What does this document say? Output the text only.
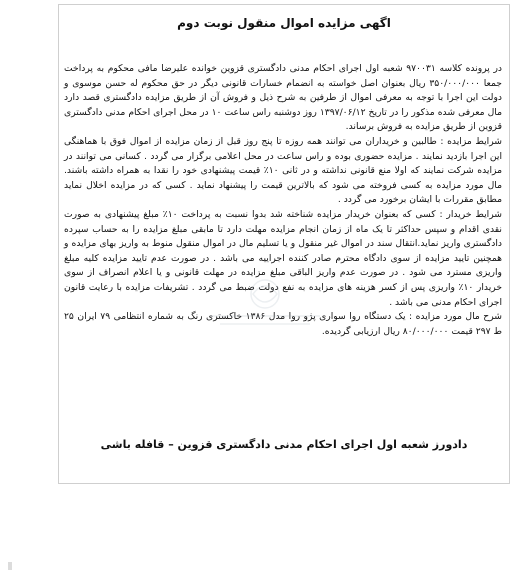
اگهی مزایده اموال منقول نوبت دوم

در پرونده کلاسه ۹۷۰۰۳۱ شعبه اول اجرای احکام مدنی دادگستری قزوین خوانده علیرضا مافی محکوم به پرداخت جمعا ۳۵۰/۰۰۰/۰۰۰ ریال بعنوان اصل خواسته به انضمام خسارات قانونی دیگر در حق محکوم له حسن موسوی و دولت این اجرا با توجه به معرفی اموال از طرفین به شرح ذیل و فروش آن از طریق مزایده دادگستری قصد دارد مال معرفی شده مذکور را در تاریخ ۱۳۹۷/۰۶/۱۲ روز دوشنبه راس ساعت ۱۰ در محل اجرای احکام مدنی دادگستری قزوین از طریق مزایده به فروش برساند.

شرایط مزایده : طالبین و خریداران می توانند همه روزه تا پنج روز قبل از زمان مزایده از اموال فوق با هماهنگی این اجرا بازدید نمایند . مزایده حضوری بوده و راس ساعت در محل اعلامی برگزار می گردد . کسانی می توانند در مزایده شرکت نمایند که اولا منع قانونی نداشته و در ثانی ۱۰٪ قیمت پیشنهادی خود را نقدا به همراه داشته باشند. مال مورد مزایده به کسی فروخته می شود که بالاترین قیمت را پیشنهاد نماید . کسی که در مزایده اخلال نماید مطابق مقررات با ایشان برخورد می گردد .

شرایط خریدار : کسی که بعنوان خریدار مزایده شناخته شد بدوا نسبت به پرداخت ۱۰٪ مبلغ پیشنهادی به صورت نقدی اقدام و سپس حداکثر تا یک ماه از زمان انجام مزایده مهلت دارد تا مابقی مبلغ مزایده را به حساب سپرده دادگستری واریز نماید.انتقال سند در اموال غیر منقول و یا تسلیم مال در اموال منقول منوط به واریز بهای مزایده و همچنین تایید مزایده از سوی دادگاه محترم صادر کننده اجراییه می باشد . در صورت عدم تایید مزایده کلیه مبلغ واریزی مسترد می شود . در صورت عدم واریز الباقی مبلغ مزایده در مهلت قانونی و یا اعلام انصراف از سوی خریدار ۱۰٪ واریزی پس از کسر هزینه های مزایده به نفع دولت ضبط می گردد . تشریفات مزایده با رعایت قانون اجرای احکام مدنی می باشد .

شرح مال مورد مزایده : یک دستگاه روا سواری پژو روا مدل ۱۳۸۶ خاکستری رنگ به شماره انتظامی ۷۹ ایران ۲۵ ط ۲۹۷ قیمت ۸۰/۰۰۰/۰۰۰ ریال ارزیابی گردیده.

دادورز شعبه اول اجرای احکام مدنی دادگستری قزوین – قافله باشی
